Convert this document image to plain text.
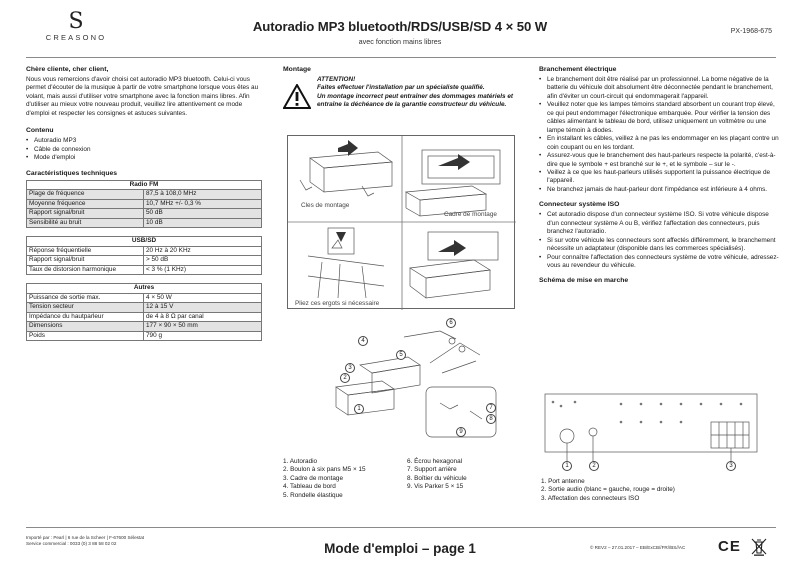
S
CREASONO
Autoradio MP3 bluetooth/RDS/USB/SD 4 × 50 W
avec fonction mains libres
PX-1968-675
Chère cliente, cher client,

Nous vous remercions d'avoir choisi cet autoradio MP3 bluetooth. Celui-ci vous permet d'écouter de la musique à partir de votre smartphone lorsque vous êtes au volant, mais aussi d'utiliser votre smartphone avec la fonction mains libres. Afin d'utiliser au mieux votre nouveau produit, veuillez lire attentivement ce mode d'emploi et respecter les consignes et astuces suivantes.

Contenu
• Autoradio MP3
• Câble de connexion
• Mode d'emploi
Caractéristiques techniques
Radio FM	
Plage de fréquence	87,5 à 108,0 MHz
Moyenne fréquence	10,7 MHz +/- 0,3 %
Rapport signal/bruit	50 dB
Sensibilité au bruit	10 dB
USB/SD	
Réponse fréquentielle	20 Hz à 20 KHz
Rapport signal/bruit	> 50 dB
Taux de distorsion harmonique	< 3 % (1 KHz)
Autres	
Puissance de sortie max.	4 × 50 W
Tension secteur	12 à 15 V
Impédance du hautparleur	de 4 à 8 Ω par canal
Dimensions	177 × 90 × 50 mm
Poids	790 g
Montage
ATTENTION!
Faites effectuer l'installation par un spécialiste qualifié.
Un montage incorrect peut entraîner des dommages matériels et entraîne la déchéance de la garantie constructeur du véhicule.
Cles de montage
Cadre de montage
Pliez ces ergots si nécessaire
1
2
3
4
5
6
7
8
9
1. Autoradio
2. Boulon à six pans M5 × 15
3. Cadre de montage
4. Tableau de bord
5. Rondelle élastique
6. Écrou hexagonal
7. Support arrière
8. Boîtier du véhicule
9. Vis Parker 5 × 15
Branchement électrique
• Le branchement doit être réalisé par un professionnel. La borne négative de la batterie du véhicule doit absolument être déconnectée pendant le branchement, afin d'éviter un court-circuit qui endommagerait l'appareil.
• Veuillez noter que les lampes témoins standard absorbent un courant trop élevé, ce qui peut endommager l'électronique embarquée. Pour vérifier la tension des câbles alimentant le tableau de bord, utilisez uniquement un voltmètre ou une lampe témoin à diodes.
• En installant les câbles, veillez à ne pas les endommager en les plaçant contre un coin coupant ou en les tordant.
• Assurez-vous que le branchement des haut-parleurs respecte la polarité, c'est-à-dire que le symbole + est branché sur le +, et le symbole – sur le -.
• Veillez à ce que les haut-parleurs utilisés supportent la puissance électrique de l'appareil.
• Ne branchez jamais de haut-parleur dont l'impédance est inférieure à 4 ohms.
Connecteur système ISO
• Cet autoradio dispose d'un connecteur système ISO. Si votre véhicule dispose d'un connecteur système A ou B, vérifiez l'affectation des connecteurs, puis branchez l'autoradio.
• Si sur votre véhicule les connecteurs sont affectés différemment, le branchement nécessite un adaptateur (disponible dans les commerces spécialisés).
• Pour connaître l'affectation des connecteurs système de votre véhicule, adressez-vous au revendeur du véhicule.
Schéma de mise en marche
1	2	3
1. Port antenne
2. Sortie audio (blanc = gauche, rouge = droite)
3. Affectation des connecteurs ISO
Importé par : Pearl | 6 rue de la Scheer | F-67600 Sélestat
Service commercial : 0033 (0) 3 88 58 02 02	Mode d'emploi – page 1	© REV2 – 27.01.2017 – EB/ExCB//FR//BS//AC CE
